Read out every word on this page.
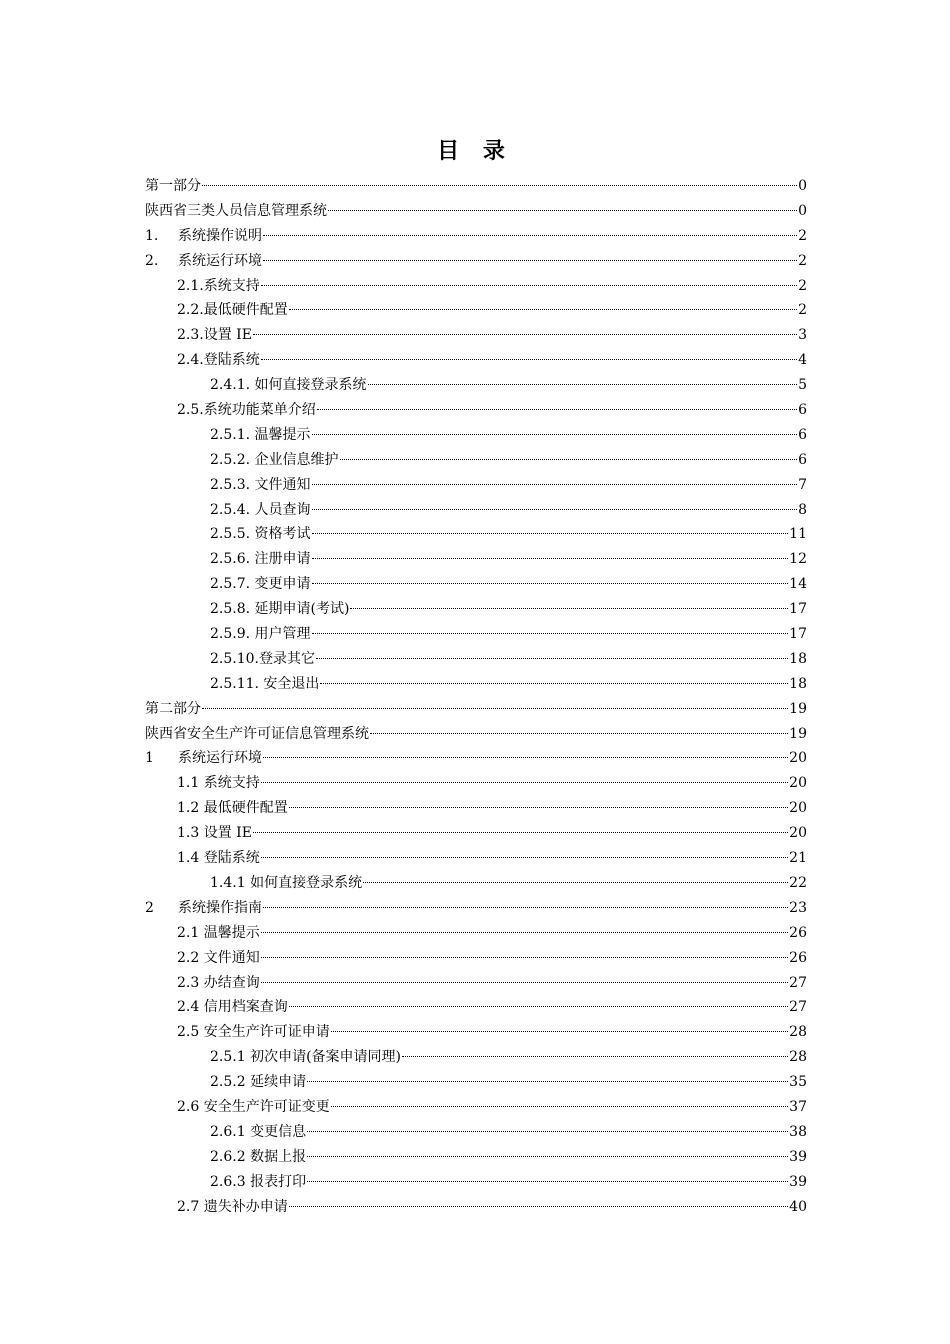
目 录
第一部分	0
陕西省三类人员信息管理系统	0
1.	系统操作说明	2
2.	系统运行环境	2
2.1.系统支持	2
2.2.最低硬件配置	2
2.3.设置 IE	3
2.4.登陆系统	4
2.4.1. 如何直接登录系统	5
2.5.系统功能菜单介绍	6
2.5.1. 温馨提示	6
2.5.2. 企业信息维护	6
2.5.3. 文件通知	7
2.5.4. 人员查询	8
2.5.5. 资格考试	11
2.5.6. 注册申请	12
2.5.7. 变更申请	14
2.5.8. 延期申请(考试)	17
2.5.9. 用户管理	17
2.5.10.登录其它	18
2.5.11. 安全退出	18
第二部分	19
陕西省安全生产许可证信息管理系统	19
1	系统运行环境	20
1.1 系统支持	20
1.2 最低硬件配置	20
1.3 设置 IE	20
1.4 登陆系统	21
1.4.1 如何直接登录系统	22
2	系统操作指南	23
2.1 温馨提示	26
2.2 文件通知	26
2.3 办结查询	27
2.4 信用档案查询	27
2.5 安全生产许可证申请	28
2.5.1 初次申请(备案申请同理)	28
2.5.2 延续申请	35
2.6 安全生产许可证变更	37
2.6.1 变更信息	38
2.6.2 数据上报	39
2.6.3 报表打印	39
2.7 遗失补办申请	40
